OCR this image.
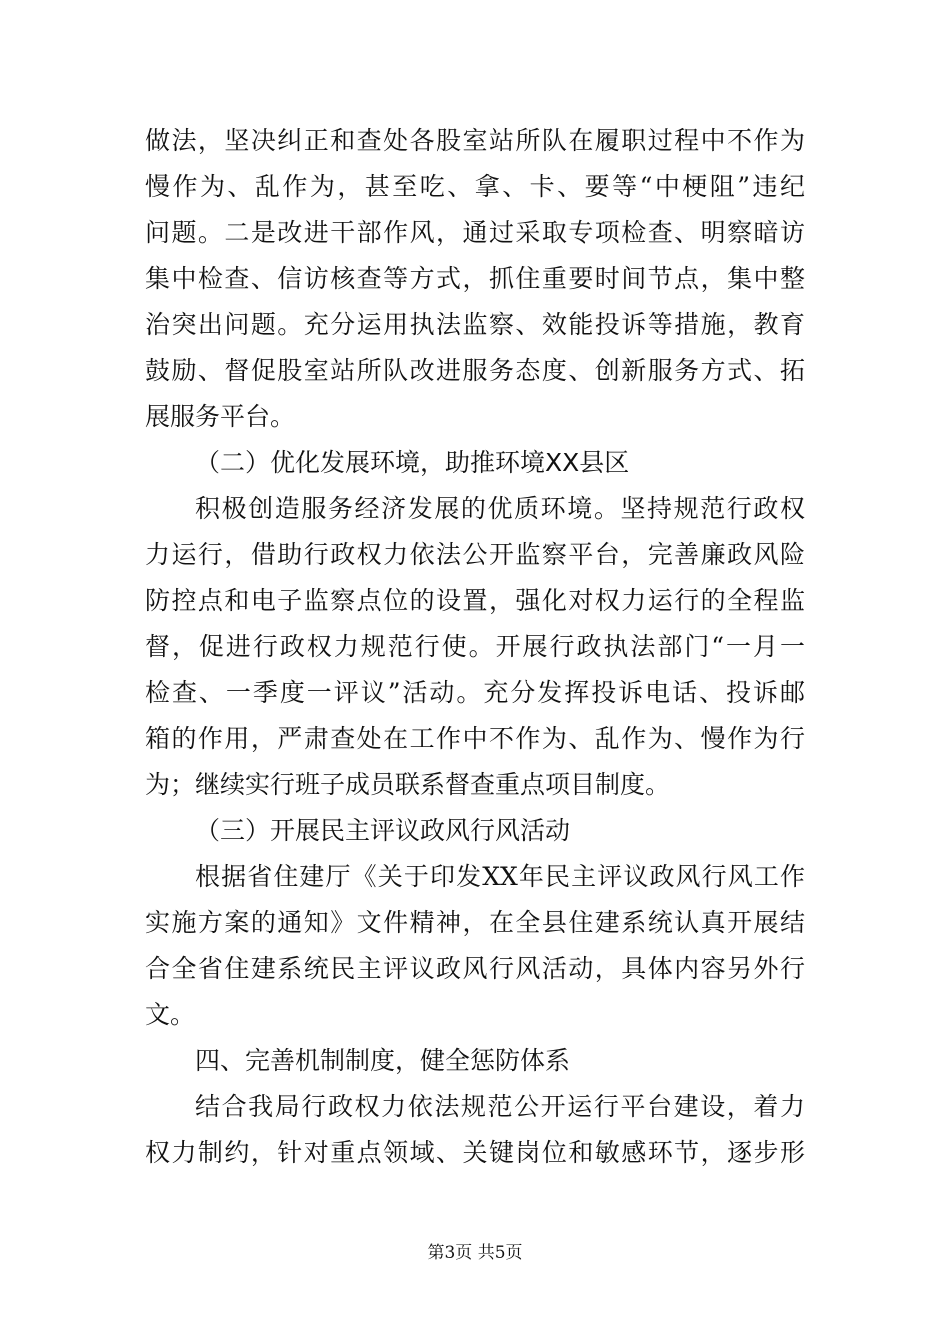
做法，坚决纠正和查处各股室站所队在履职过程中不作为
慢作为、乱作为，甚至吃、拿、卡、要等“中梗阻”违纪
问题。二是改进干部作风，通过采取专项检查、明察暗访
集中检查、信访核查等方式，抓住重要时间节点，集中整
治突出问题。充分运用执法监察、效能投诉等措施，教育
鼓励、督促股室站所队改进服务态度、创新服务方式、拓
展服务平台。
（二）优化发展环境，助推环境XX县区
积极创造服务经济发展的优质环境。坚持规范行政权
力运行，借助行政权力依法公开监察平台，完善廉政风险
防控点和电子监察点位的设置，强化对权力运行的全程监
督，促进行政权力规范行使。开展行政执法部门“一月一
检查、一季度一评议”活动。充分发挥投诉电话、投诉邮
箱的作用，严肃查处在工作中不作为、乱作为、慢作为行
为；继续实行班子成员联系督查重点项目制度。
（三）开展民主评议政风行风活动
根据省住建厅《关于印发XX年民主评议政风行风工作
实施方案的通知》文件精神，在全县住建系统认真开展结
合全省住建系统民主评议政风行风活动，具体内容另外行
文。
四、完善机制制度，健全惩防体系
结合我局行政权力依法规范公开运行平台建设，着力
权力制约，针对重点领域、关键岗位和敏感环节，逐步形
第3页 共5页
